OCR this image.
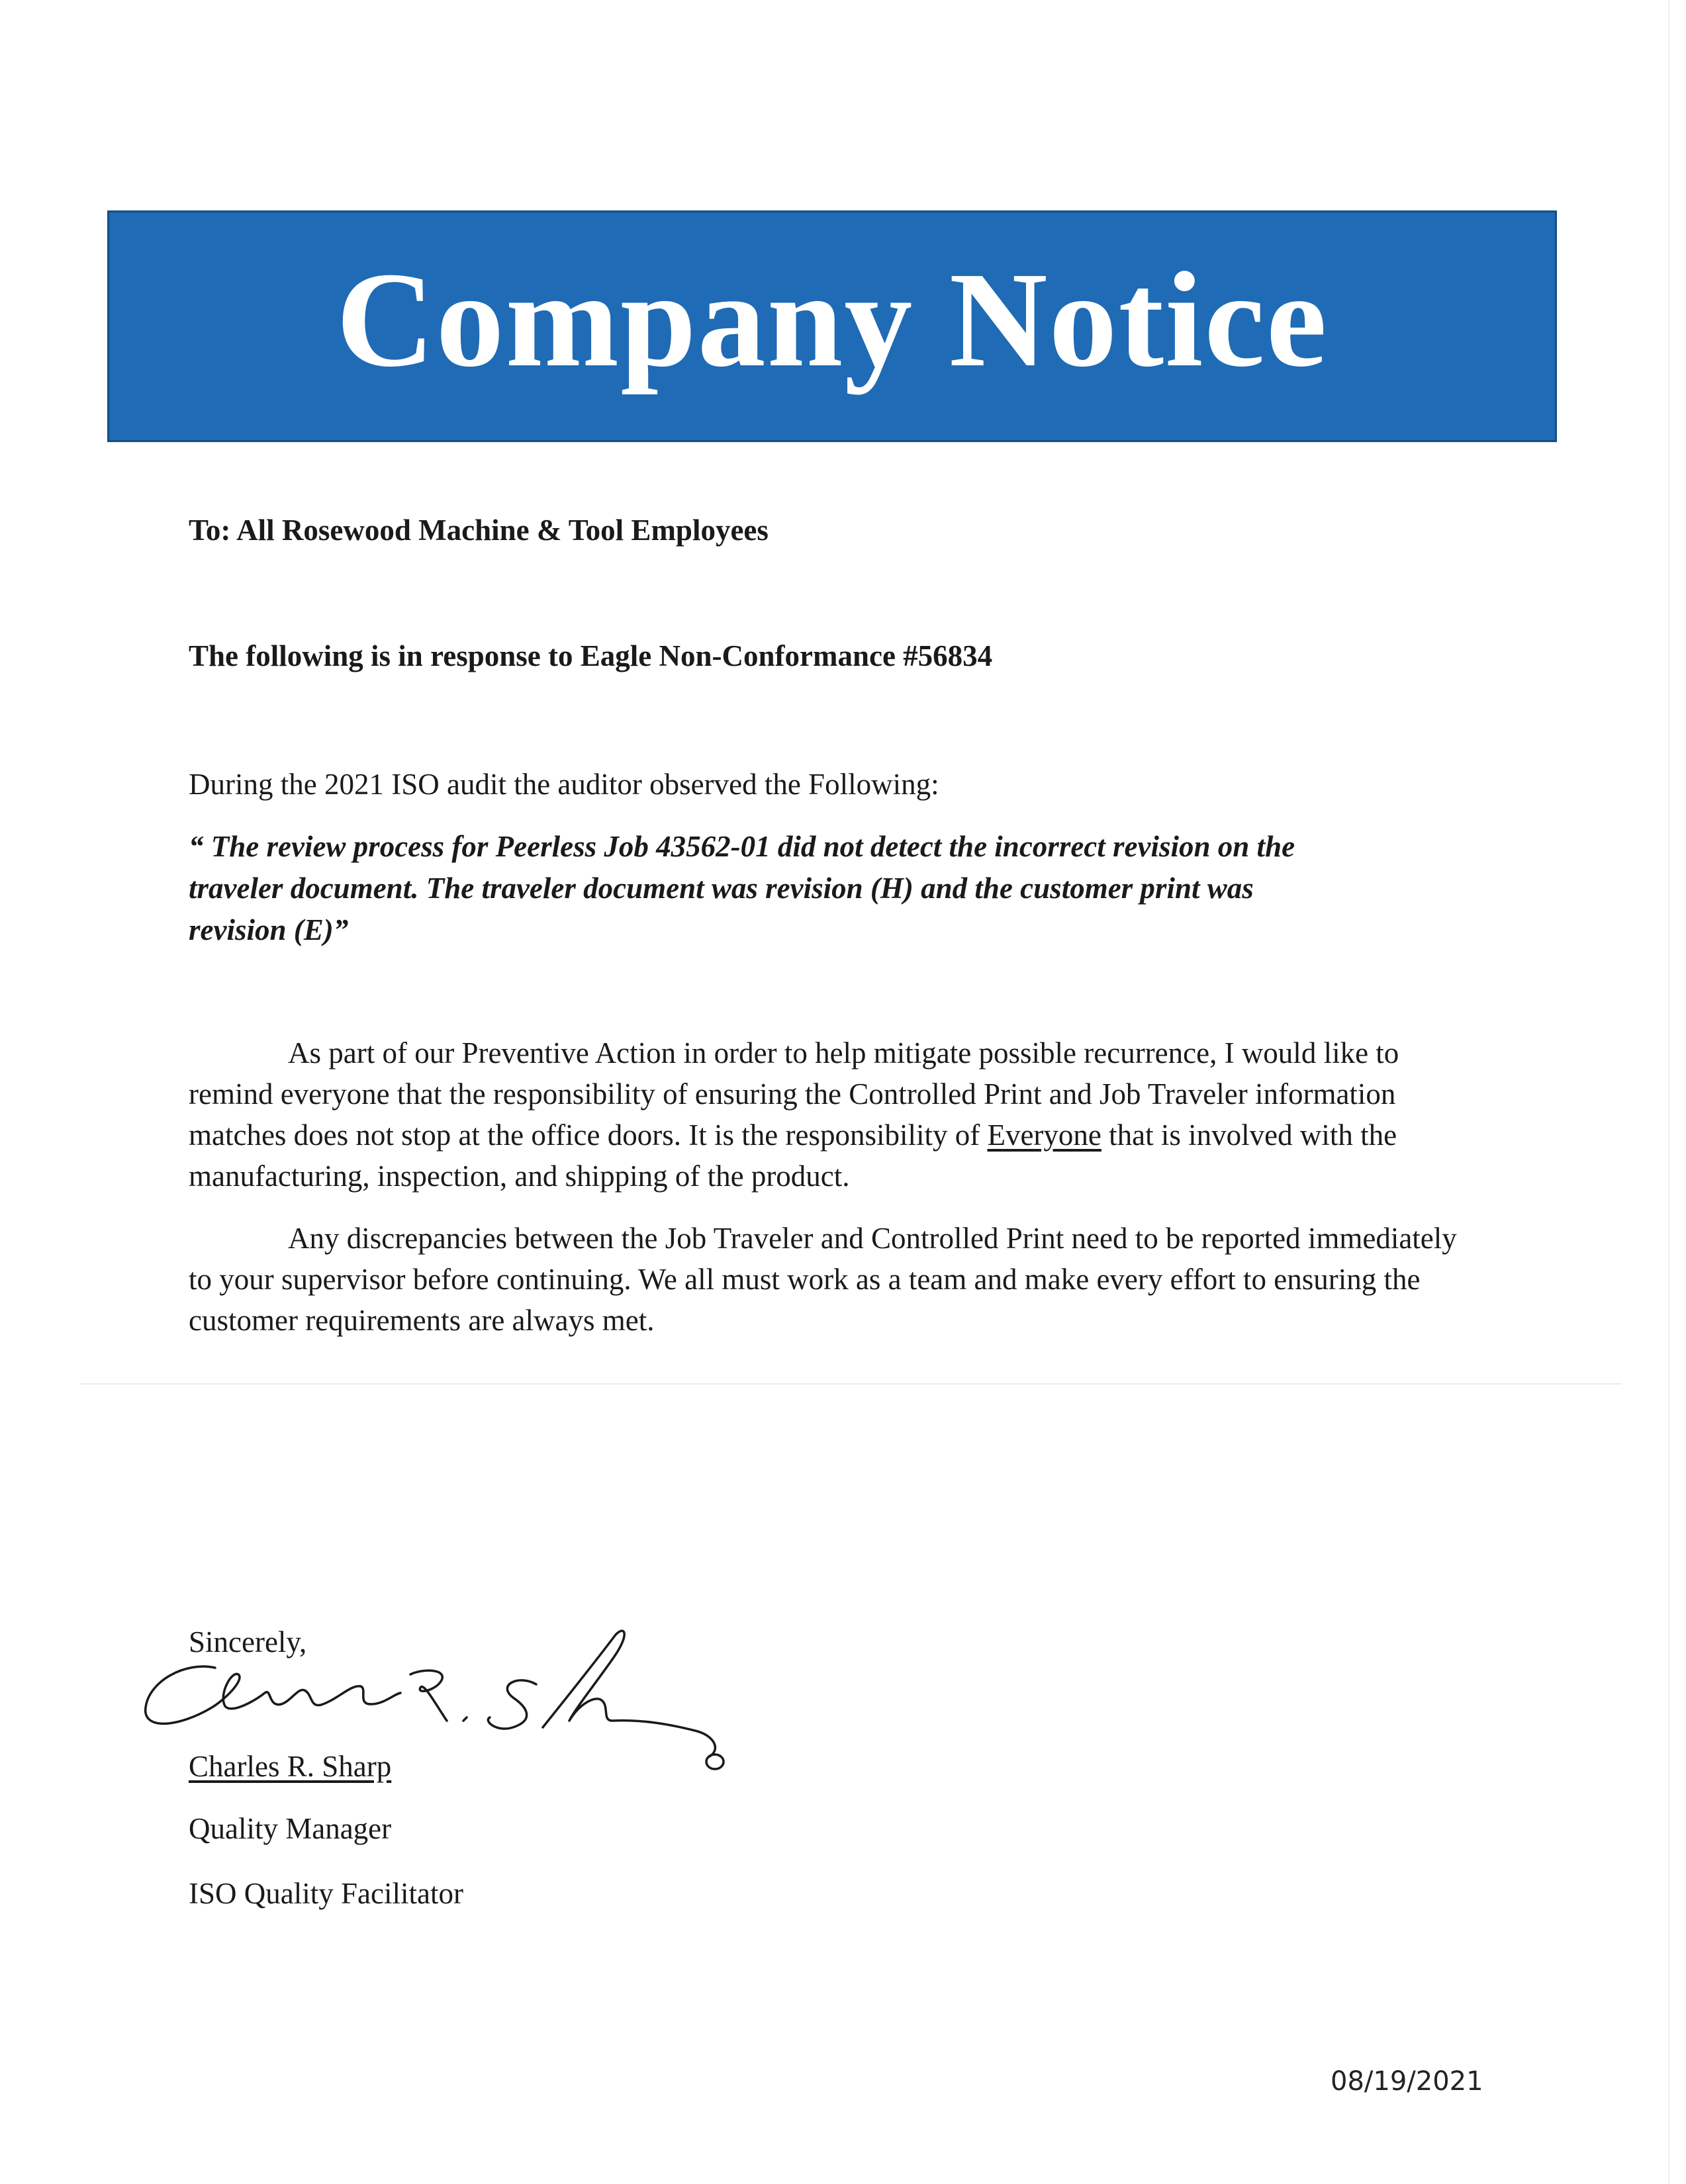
Company Notice
To: All Rosewood Machine & Tool Employees
The following is in response to Eagle Non-Conformance #56834
During the 2021 ISO audit the auditor observed the Following:
“ The review process for Peerless Job 43562-01 did not detect the incorrect revision on the
traveler document. The traveler document was revision (H) and the customer print was
revision (E)”
As part of our Preventive Action in order to help mitigate possible recurrence, I would like to remind everyone that the responsibility of ensuring the Controlled Print and Job Traveler information matches does not stop at the office doors. It is the responsibility of Everyone that is involved with the manufacturing, inspection, and shipping of the product.
Any discrepancies between the Job Traveler and Controlled Print need to be reported immediately to your supervisor before continuing. We all must work as a team and make every effort to ensuring the customer requirements are always met.
Sincerely,
Charles R. Sharp
Quality Manager
ISO Quality Facilitator
08/19/2021
